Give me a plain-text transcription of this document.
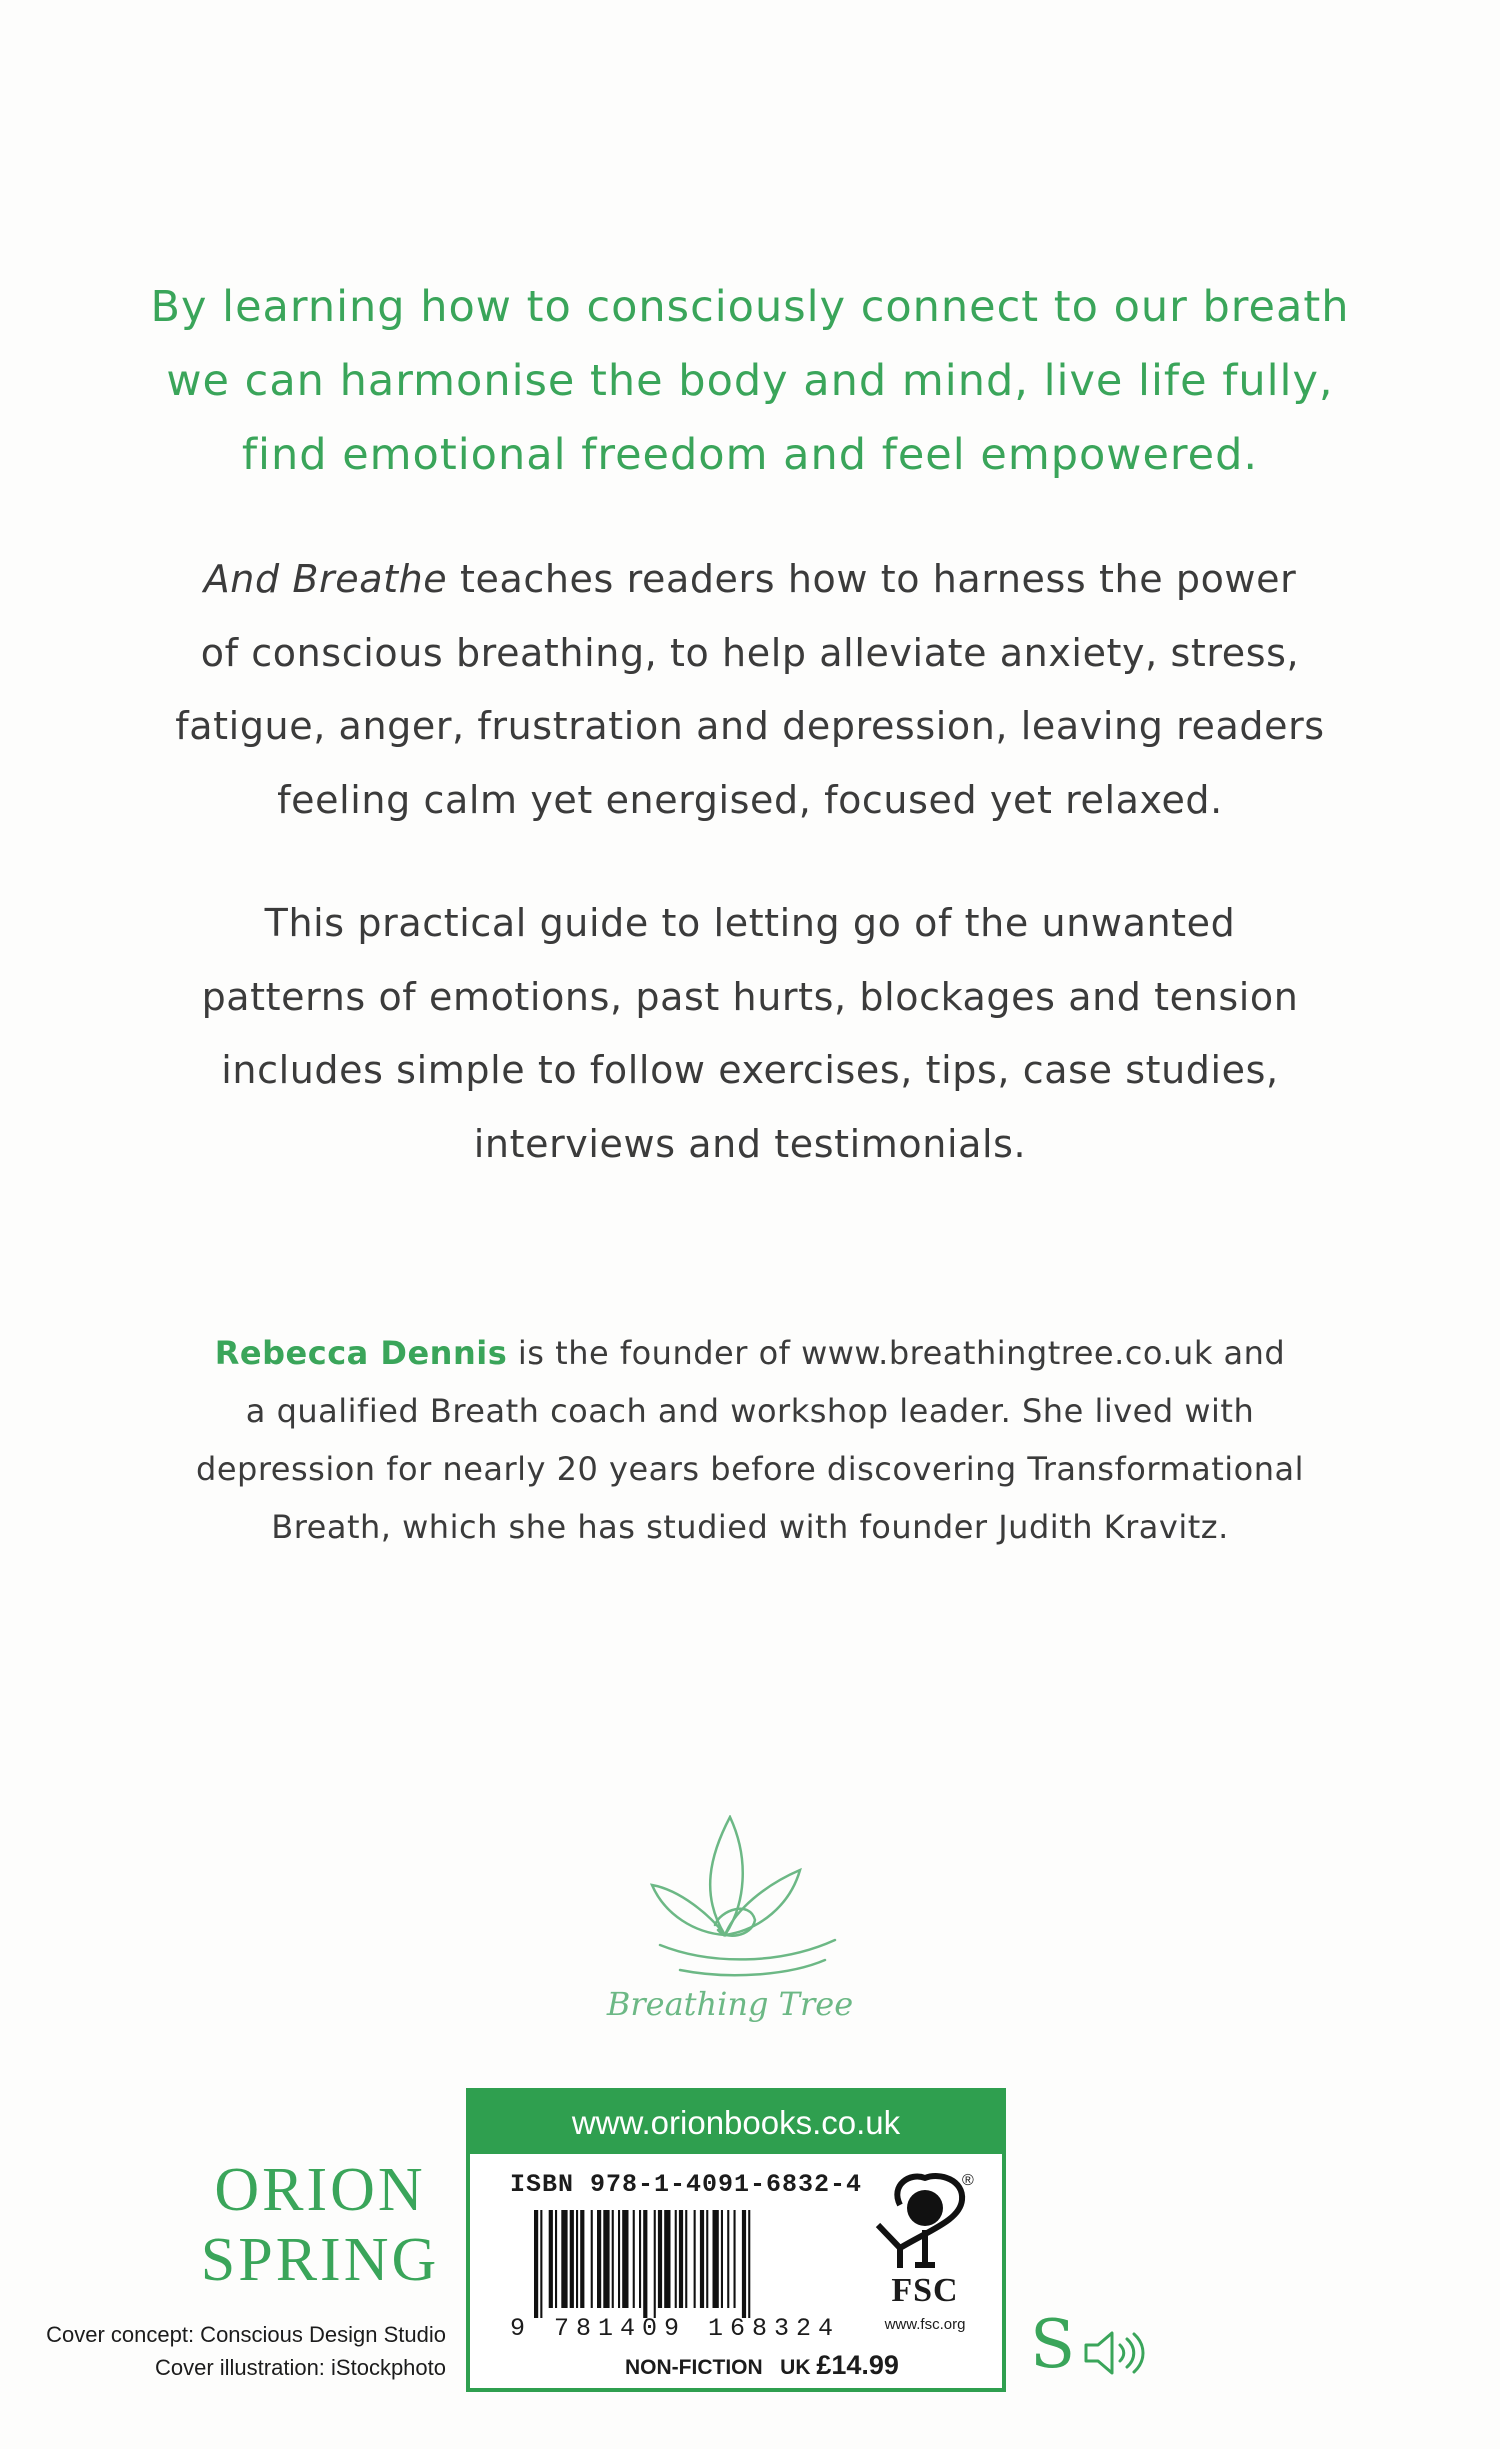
By learning how to consciously connect to our breath
we can harmonise the body and mind, live life fully,
find emotional freedom and feel empowered.
And Breathe teaches readers how to harness the power
of conscious breathing, to help alleviate anxiety, stress,
fatigue, anger, frustration and depression, leaving readers
feeling calm yet energised, focused yet relaxed.
This practical guide to letting go of the unwanted
patterns of emotions, past hurts, blockages and tension
includes simple to follow exercises, tips, case studies,
interviews and testimonials.
Rebecca Dennis is the founder of www.breathingtree.co.uk and
a qualified Breath coach and workshop leader. She lived with
depression for nearly 20 years before discovering Transformational
Breath, which she has studied with founder Judith Kravitz.
Breathing Tree
ORION
SPRING
Cover concept: Conscious Design Studio
Cover illustration: iStockphoto
www.orionbooks.co.uk
ISBN 978-1-4091-6832-4
9 781409 168324
NON-FICTION UK £14.99
®
FSC
www.fsc.org S
